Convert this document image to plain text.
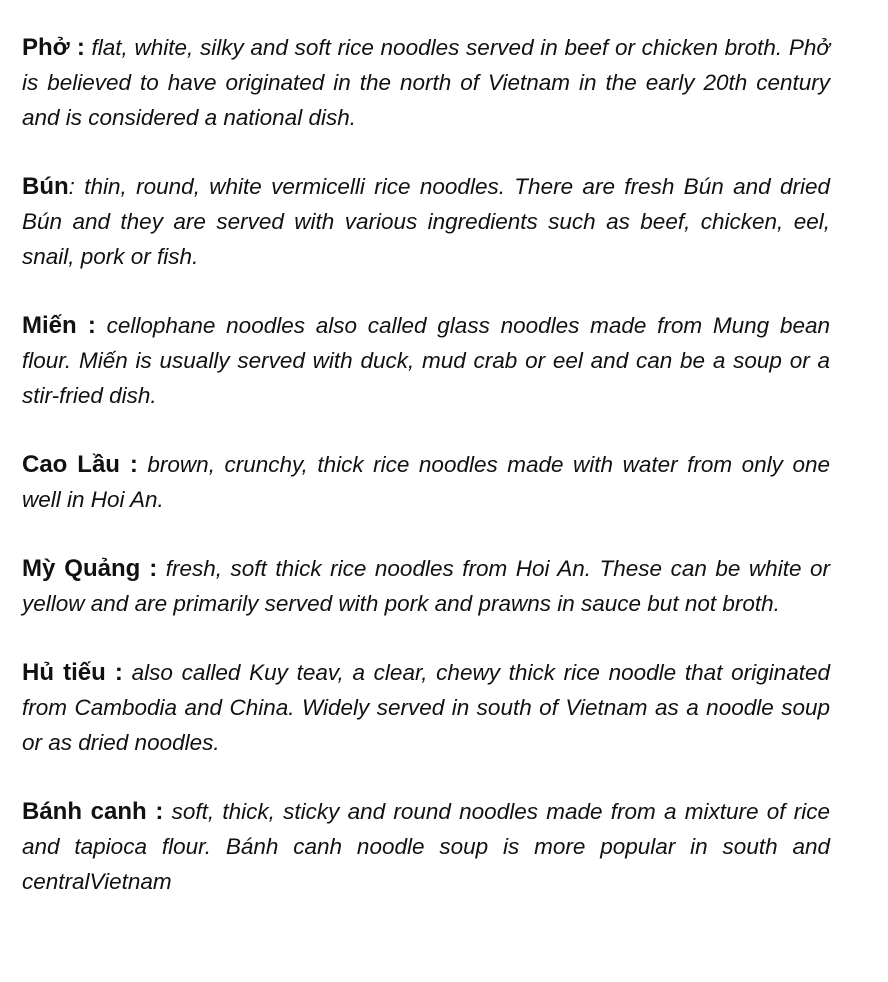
Phở : flat, white, silky and soft rice noodles served in beef or chicken broth. Phở is believed to have originated in the north of Vietnam in the early 20th century and is considered a national dish.

Bún: thin, round, white vermicelli rice noodles. There are fresh Bún and dried Bún and they are served with various ingredients such as beef, chicken, eel, snail, pork or fish.

Miến : cellophane noodles also called glass noodles made from Mung bean flour. Miến is usually served with duck, mud crab or eel and can be a soup or a stir-fried dish.

Cao Lầu : brown, crunchy, thick rice noodles made with water from only one well in Hoi An.

Mỳ Quảng : fresh, soft thick rice noodles from Hoi An. These can be white or yellow and are primarily served with pork and prawns in sauce but not broth.

Hủ tiếu : also called Kuy teav, a clear, chewy thick rice noodle that originated from Cambodia and China. Widely served in south of Vietnam as a noodle soup or as dried noodles.

Bánh canh : soft, thick, sticky and round noodles made from a mixture of rice and tapioca flour. Bánh canh noodle soup is more popular in south and centralVietnam
